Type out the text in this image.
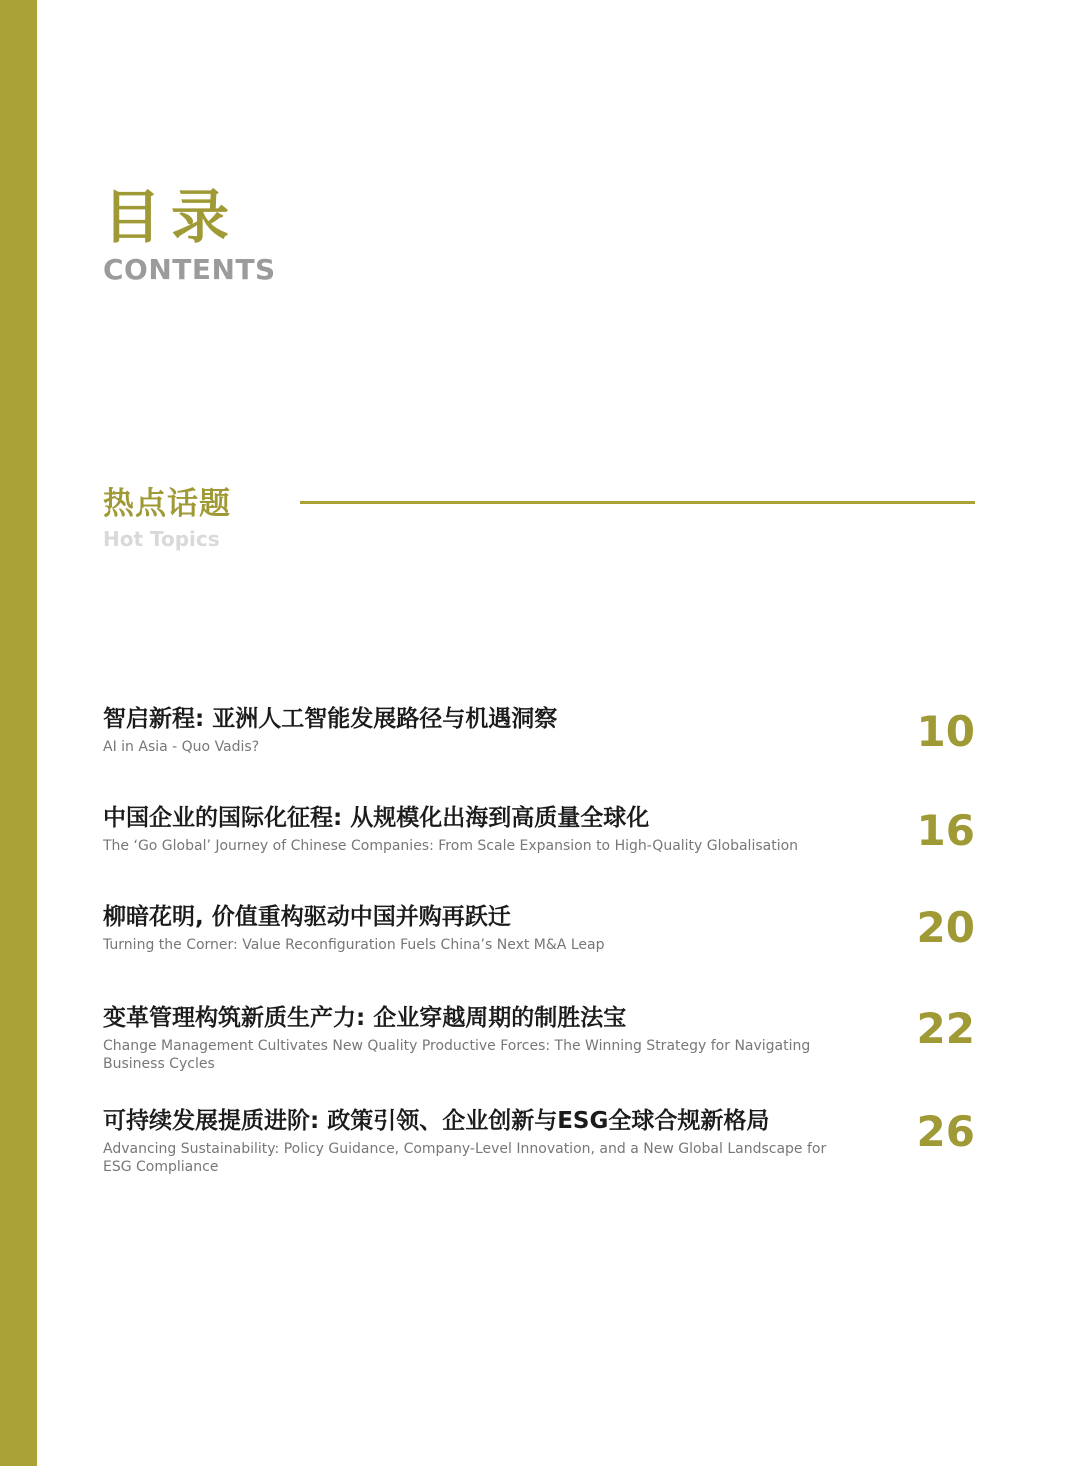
目录
CONTENTS
热点话题
Hot Topics
智启新程: 亚洲人工智能发展路径与机遇洞察
AI in Asia - Quo Vadis?	10
中国企业的国际化征程: 从规模化出海到高质量全球化
The ‘Go Global’ Journey of Chinese Companies: From Scale Expansion to High-Quality Globalisation	16
柳暗花明, 价值重构驱动中国并购再跃迁
Turning the Corner: Value Reconfiguration Fuels China’s Next M&A Leap	20
变革管理构筑新质生产力: 企业穿越周期的制胜法宝
Change Management Cultivates New Quality Productive Forces: The Winning Strategy for Navigating Business Cycles
22
可持续发展提质进阶: 政策引领、企业创新与ESG全球合规新格局
Advancing Sustainability: Policy Guidance, Company-Level Innovation, and a New Global Landscape for ESG Compliance
26
